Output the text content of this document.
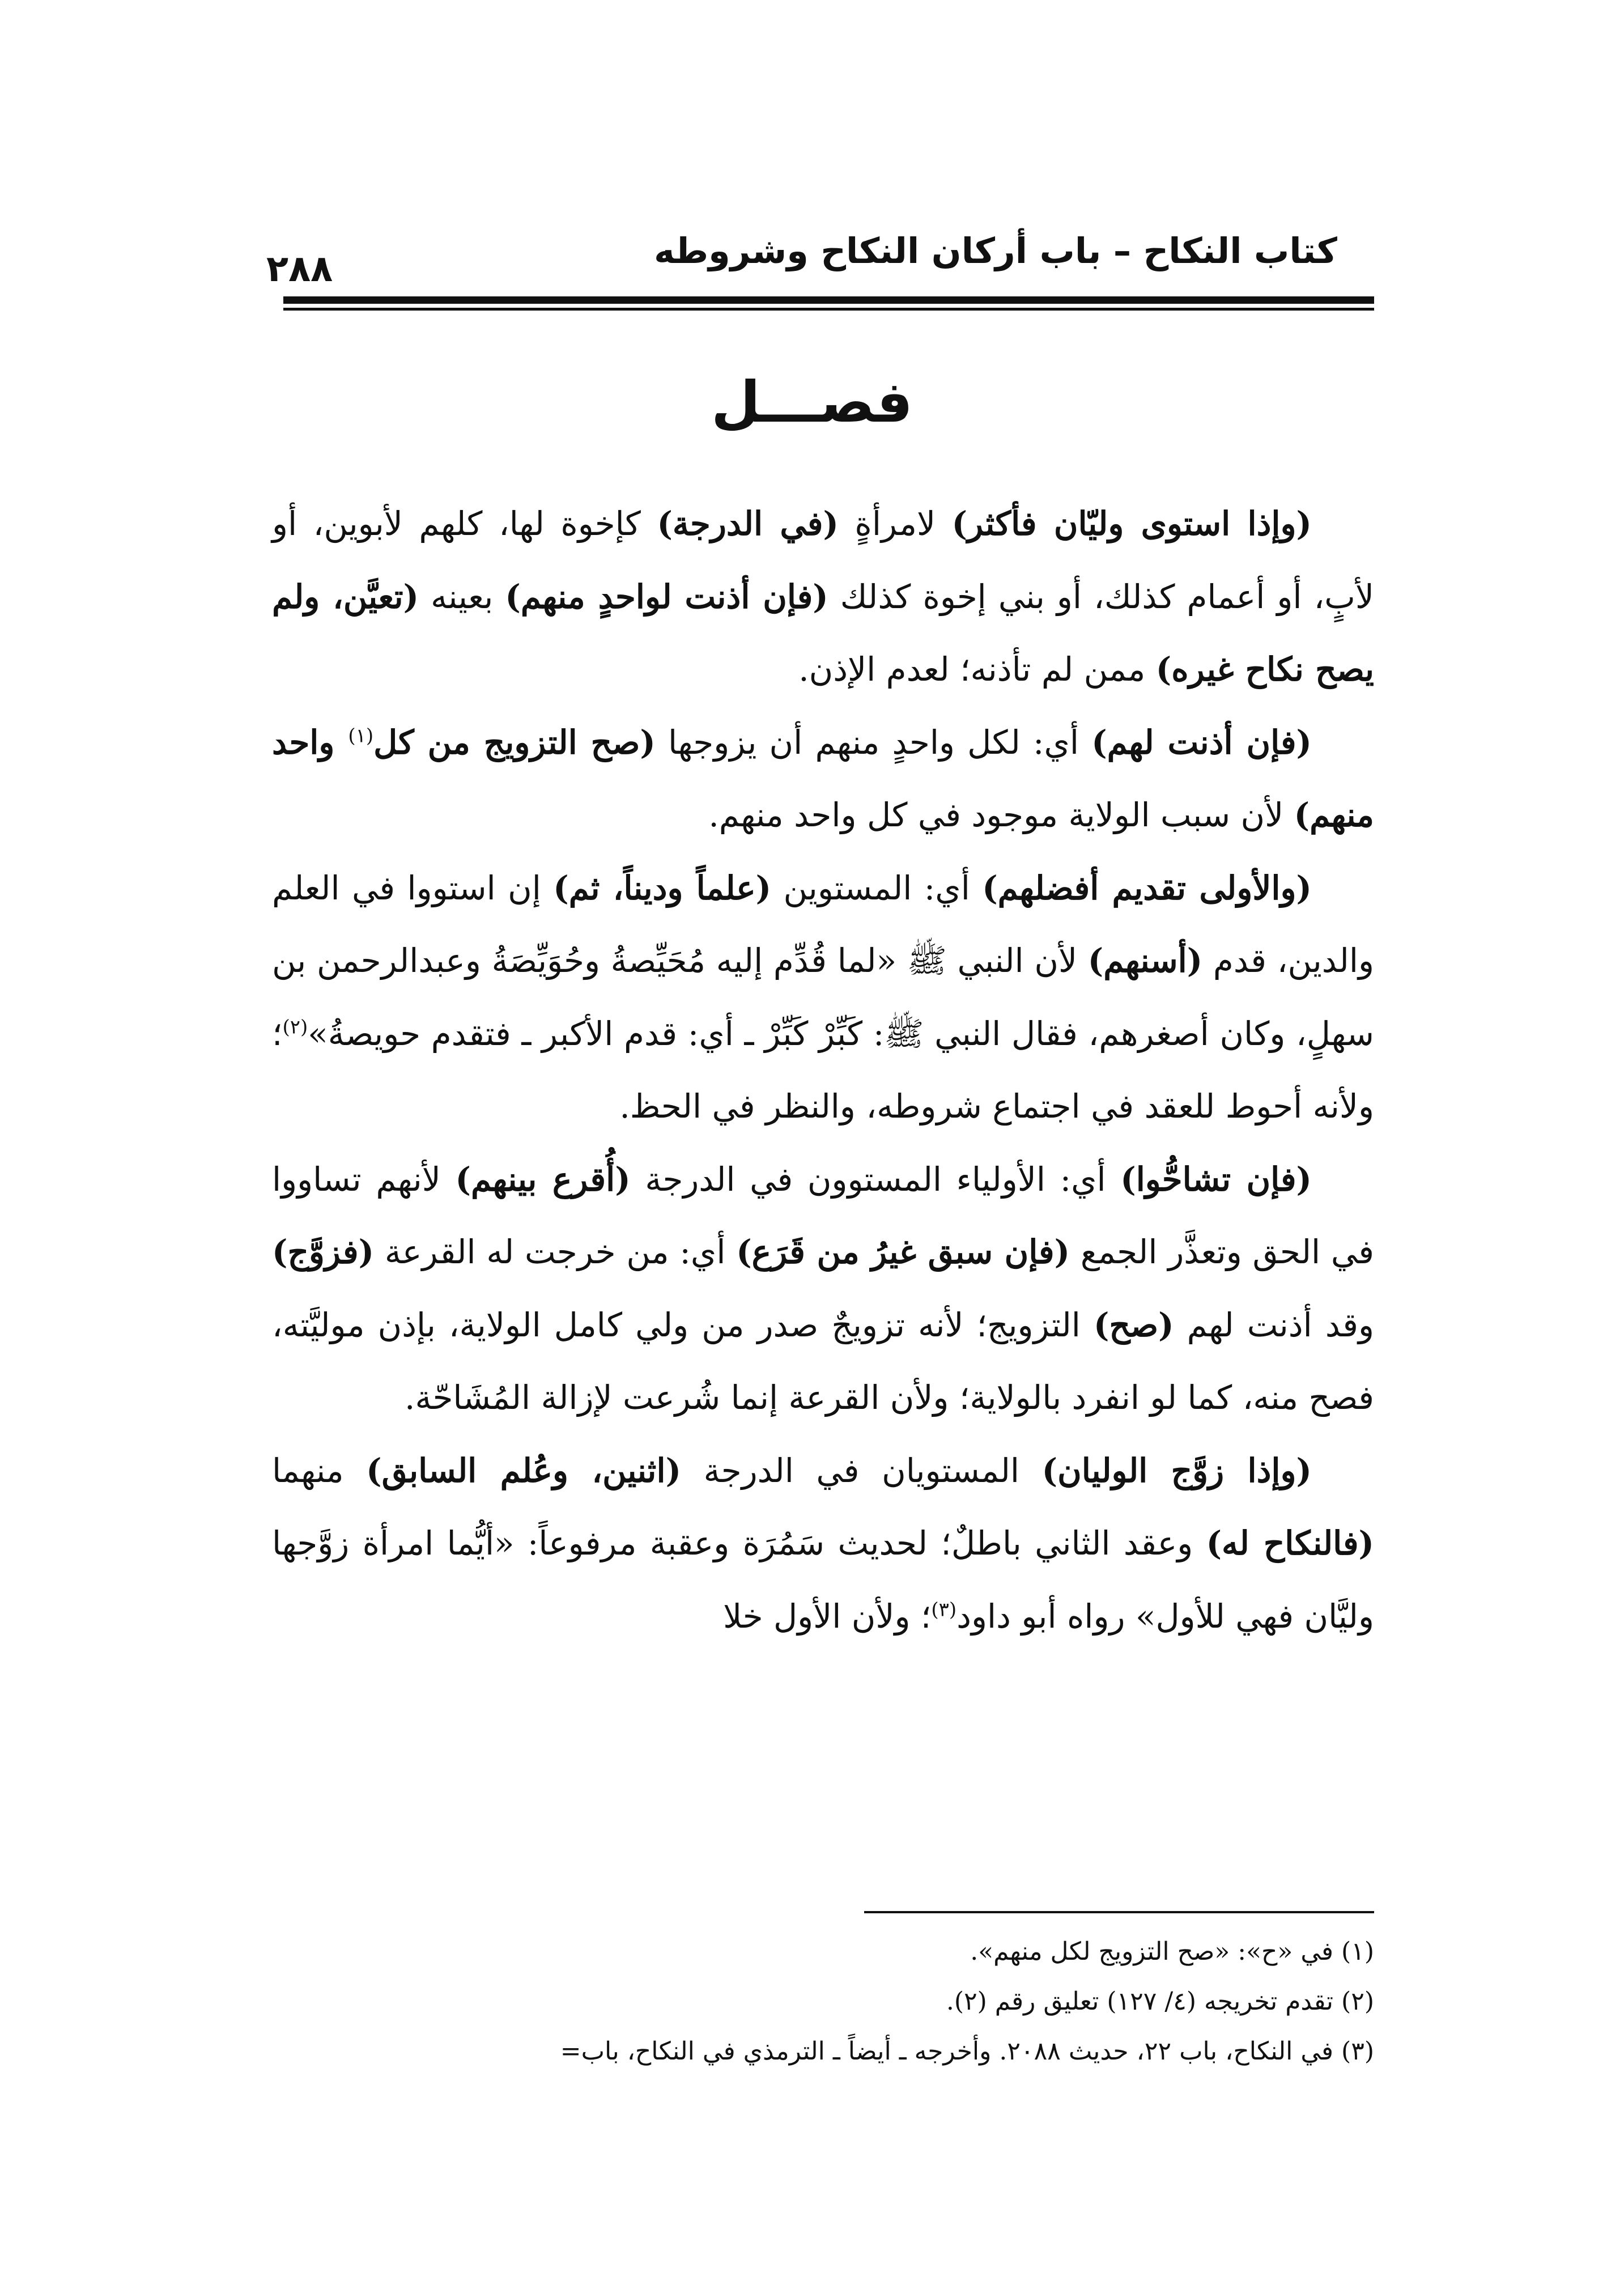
كتاب النكاح – باب أركان النكاح وشروطه
٢٨٨
فصـــل

(وإذا استوى وليّان فأكثر) لامرأةٍ (في الدرجة) كإخوة لها، كلهم لأبوين، أو لأبٍ، أو أعمام كذلك، أو بني إخوة كذلك (فإن أذنت لواحدٍ منهم) بعينه (تعيَّن، ولم يصح نكاح غيره) ممن لم تأذنه؛ لعدم الإذن.

(فإن أذنت لهم) أي: لكل واحدٍ منهم أن يزوجها (صح التزويج من كل$^{(١)}$ واحد منهم) لأن سبب الولاية موجود في كل واحد منهم.

(والأولى تقديم أفضلهم) أي: المستوين (علماً وديناً، ثم) إن استووا في العلم والدين، قدم (أسنهم) لأن النبي ﷺ «لما قُدِّم إليه مُحَيِّصةُ وحُوَيِّصَةُ وعبدالرحمن بن سهلٍ، وكان أصغرهم، فقال النبي ﷺ: كَبِّرْ كَبِّرْ ـ أي: قدم الأكبر ـ فتقدم حويصةُ»$^{(٢)}$؛ ولأنه أحوط للعقد في اجتماع شروطه، والنظر في الحظ.

(فإن تشاحُّوا) أي: الأولياء المستوون في الدرجة (أُقرع بينهم) لأنهم تساووا في الحق وتعذَّر الجمع (فإن سبق غيرُ من قَرَع) أي: من خرجت له القرعة (فزوَّج) وقد أذنت لهم (صح) التزويج؛ لأنه تزويجٌ صدر من ولي كامل الولاية، بإذن موليَّته، فصح منه، كما لو انفرد بالولاية؛ ولأن القرعة إنما شُرعت لإزالة المُشَاحّة.

(وإذا زوَّج الوليان) المستويان في الدرجة (اثنين، وعُلم السابق) منهما (فالنكاح له) وعقد الثاني باطلٌ؛ لحديث سَمُرَة وعقبة مرفوعاً: «أيُّما امرأة زوَّجها وليَّان فهي للأول» رواه أبو داود$^{(٣)}$؛ ولأن الأول خلا

(١) في «ح»: «صح التزويج لكل منهم».
(٢) تقدم تخريجه (٤/ ١٢٧) تعليق رقم (٢).
(٣) في النكاح، باب ٢٢، حديث ٢٠٨٨. وأخرجه ـ أيضاً ـ الترمذي في النكاح، باب=
